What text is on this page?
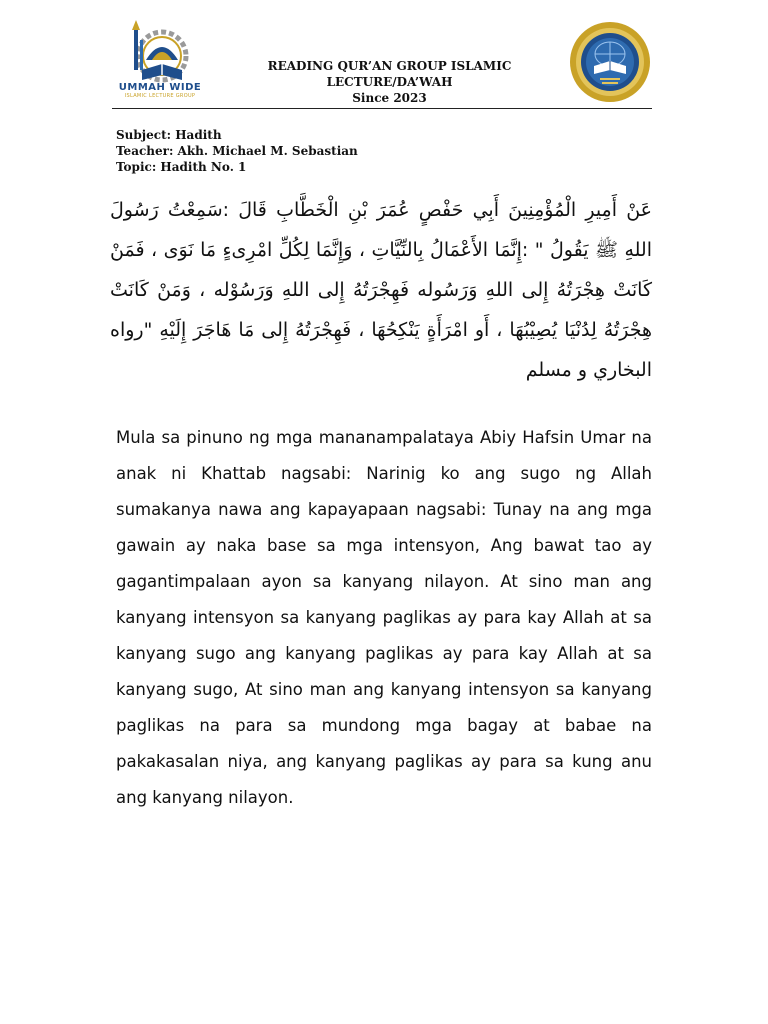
UMMAH WIDE
ISLAMIC LECTURE GROUP
READING QUR’AN GROUP ISLAMIC
LECTURE/DA’WAH
Since 2023
Subject: Hadith
Teacher: Akh. Michael M. Sebastian
Topic: Hadith No. 1
عَنْ أَمِيرِ الْمُؤْمِنِينَ أَبِي حَفْصٍ عُمَرَ بْنِ الْخَطَّابِ قَالَ :سَمِعْتُ رَسُولَ اللهِ ﷺ يَقُولُ " :إِنَّمَا الأَعْمَالُ بِالنِّيَّاتِ ، وَإِنَّمَا لِكُلِّ امْرِىءٍ مَا نَوَى ، فَمَنْ كَانَتْ هِجْرَتُهُ إِلى اللهِ وَرَسُوله فَهِجْرَتُهُ إِلى اللهِ وَرَسُوْله ، وَمَنْ كَانَتْ هِجْرَتُهُ لِدُنْيَا يُصِيْبُهَا ، أَو امْرَأَةٍ يَنْكِحُهَا ، فَهِجْرَتُهُ إِلى مَا هَاجَرَ إِلَيْهِ "رواه البخاري و مسلم
Mula sa pinuno ng mga mananampalataya Abiy Hafsin Umar na anak ni Khattab nagsabi: Narinig ko ang sugo ng Allah sumakanya nawa ang kapayapaan nagsabi: Tunay na ang mga gawain ay naka base sa mga intensyon, Ang bawat tao ay gagantimpalaan ayon sa kanyang nilayon. At sino man ang kanyang intensyon sa kanyang paglikas ay para kay Allah at sa kanyang sugo ang kanyang paglikas ay para kay Allah at sa kanyang sugo, At sino man ang kanyang intensyon sa kanyang paglikas na para sa mundong mga bagay at babae na pakakasalan niya, ang kanyang paglikas ay para sa kung anu ang kanyang nilayon.
